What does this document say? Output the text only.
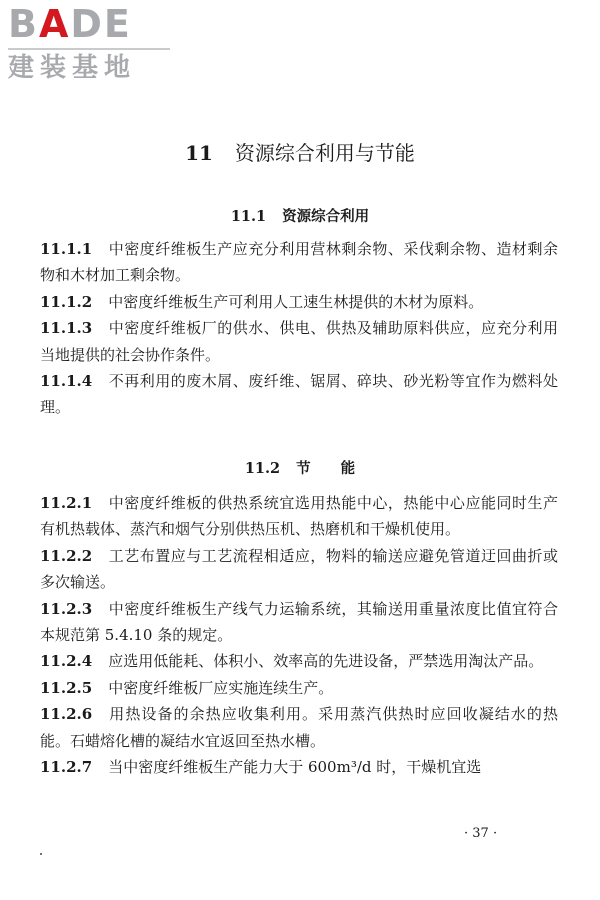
BADE
建装基地
11 资源综合利用与节能
11.1 资源综合利用

11.1.1 中密度纤维板生产应充分利用营林剩余物、采伐剩余物、造材剩余物和木材加工剩余物。

11.1.2 中密度纤维板生产可利用人工速生林提供的木材为原料。

11.1.3 中密度纤维板厂的供水、供电、供热及辅助原料供应，应充分利用当地提供的社会协作条件。

11.1.4 不再利用的废木屑、废纤维、锯屑、碎块、砂光粉等宜作为燃料处理。

11.2 节能

11.2.1 中密度纤维板的供热系统宜选用热能中心，热能中心应能同时生产有机热载体、蒸汽和烟气分别供热压机、热磨机和干燥机使用。

11.2.2 工艺布置应与工艺流程相适应，物料的输送应避免管道迂回曲折或多次输送。

11.2.3 中密度纤维板生产线气力运输系统，其输送用重量浓度比值宜符合本规范第 5.4.10 条的规定。

11.2.4 应选用低能耗、体积小、效率高的先进设备，严禁选用淘汰产品。

11.2.5 中密度纤维板厂应实施连续生产。

11.2.6 用热设备的余热应收集利用。采用蒸汽供热时应回收凝结水的热能。石蜡熔化槽的凝结水宜返回至热水槽。

11.2.7 当中密度纤维板生产能力大于 600m³/d 时，干燥机宜选

· 37 ·
